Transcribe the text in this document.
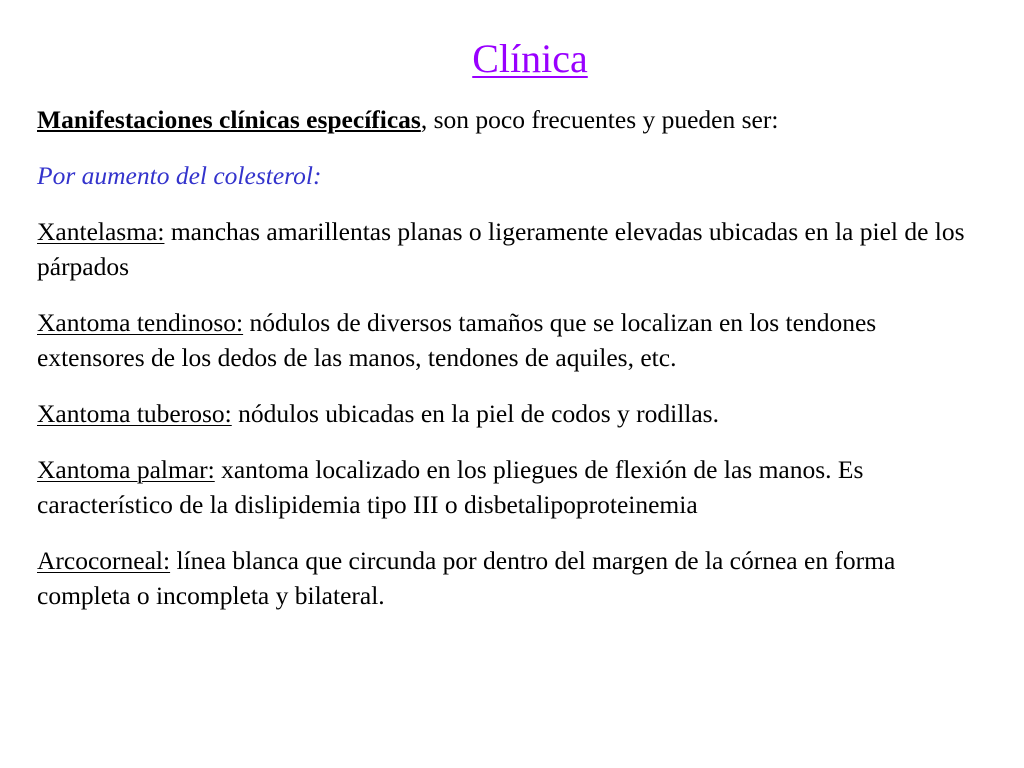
Clínica

Manifestaciones clínicas específicas, son poco frecuentes y pueden ser:

Por aumento del colesterol:

Xantelasma: manchas amarillentas planas o ligeramente elevadas ubicadas en la piel de los párpados

Xantoma tendinoso: nódulos de diversos tamaños que se localizan en los tendones extensores de los dedos de las manos, tendones de aquiles, etc.

Xantoma tuberoso: nódulos ubicadas en la piel de codos y rodillas.

Xantoma palmar: xantoma localizado en los pliegues de flexión de las manos. Es característico de la dislipidemia tipo III o disbetalipoproteinemia

Arcocorneal: línea blanca que circunda por dentro del margen de la córnea en forma completa o incompleta y bilateral.
